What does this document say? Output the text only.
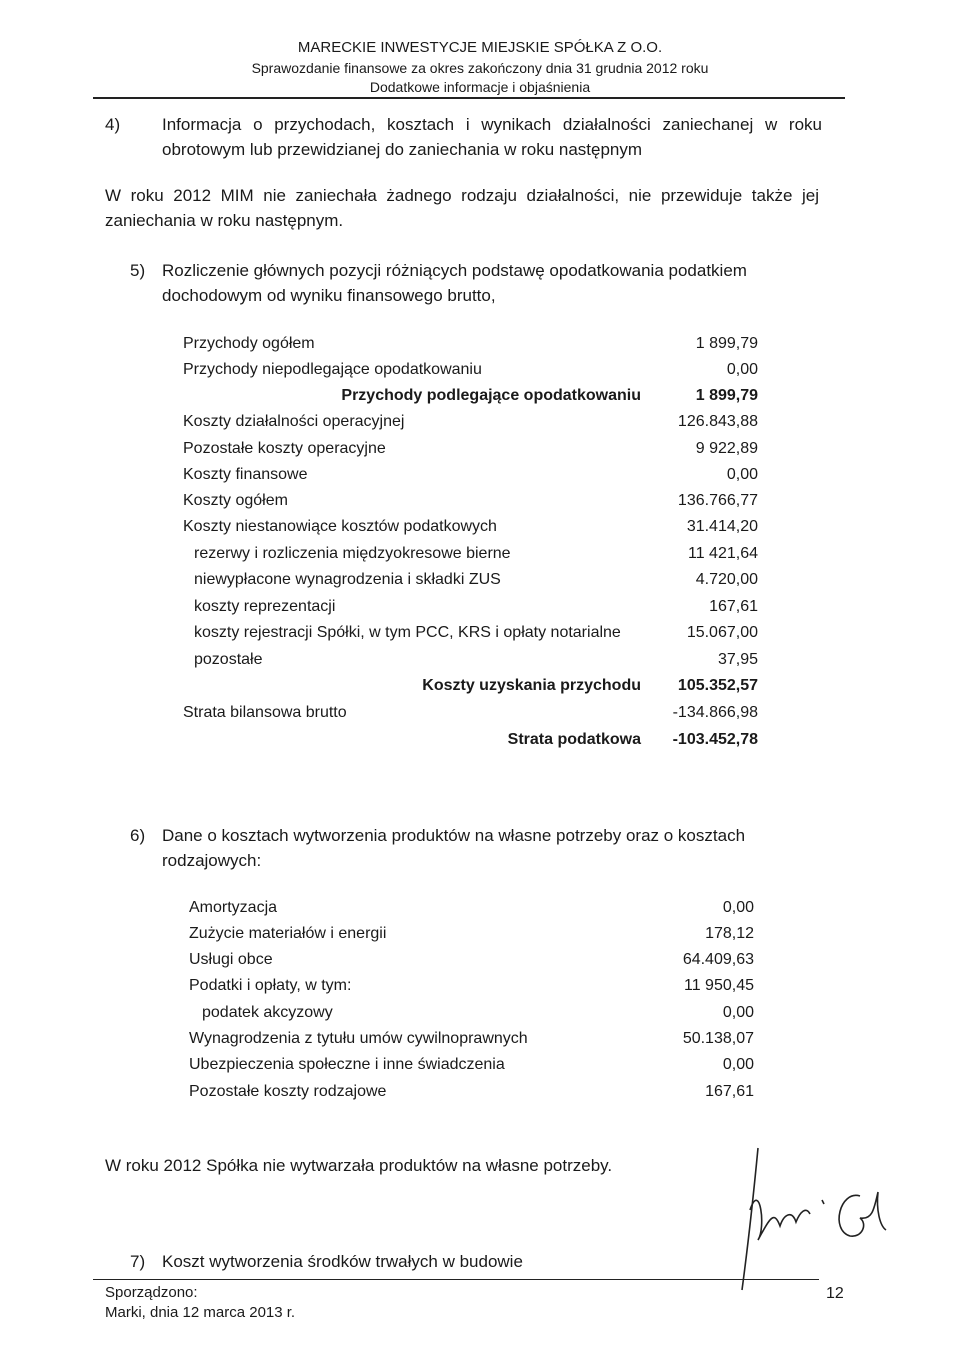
MARECKIE INWESTYCJE MIEJSKIE SPÓŁKA Z O.O.
Sprawozdanie finansowe za okres zakończony dnia 31 grudnia 2012 roku
Dodatkowe informacje i objaśnienia
4) Informacja o przychodach, kosztach i wynikach działalności zaniechanej w roku
obrotowym lub przewidzianej do zaniechania w roku następnym
W roku 2012 MIM nie zaniechała żadnego rodzaju działalności, nie przewiduje także jej
zaniechania w roku następnym.
5) Rozliczenie głównych pozycji różniących podstawę opodatkowania podatkiem
dochodowym od wyniku finansowego brutto,
Przychody ogółem	1 899,79
Przychody niepodlegające opodatkowaniu	0,00
Przychody podlegające opodatkowaniu	1 899,79
Koszty działalności operacyjnej	126.843,88
Pozostałe koszty operacyjne	9 922,89
Koszty finansowe	0,00
Koszty ogółem	136.766,77
Koszty niestanowiące kosztów podatkowych	31.414,20
rezerwy i rozliczenia międzyokresowe bierne	11 421,64
niewypłacone wynagrodzenia i składki ZUS	4.720,00
koszty reprezentacji	167,61
koszty rejestracji Spółki, w tym PCC, KRS i opłaty notarialne	15.067,00
pozostałe	37,95
Koszty uzyskania przychodu	105.352,57
Strata bilansowa brutto	-134.866,98
Strata podatkowa	-103.452,78
6) Dane o kosztach wytworzenia produktów na własne potrzeby oraz o kosztach
rodzajowych:
Amortyzacja	0,00
Zużycie materiałów i energii	178,12
Usługi obce	64.409,63
Podatki i opłaty, w tym:	11 950,45
podatek akcyzowy	0,00
Wynagrodzenia z tytułu umów cywilnoprawnych	50.138,07
Ubezpieczenia społeczne i inne świadczenia	0,00
Pozostałe koszty rodzajowe	167,61
W roku 2012 Spółka nie wytwarzała produktów na własne potrzeby.
7) Koszt wytworzenia środków trwałych w budowie
Sporządzono:
Marki, dnia 12 marca 2013 r.
12
